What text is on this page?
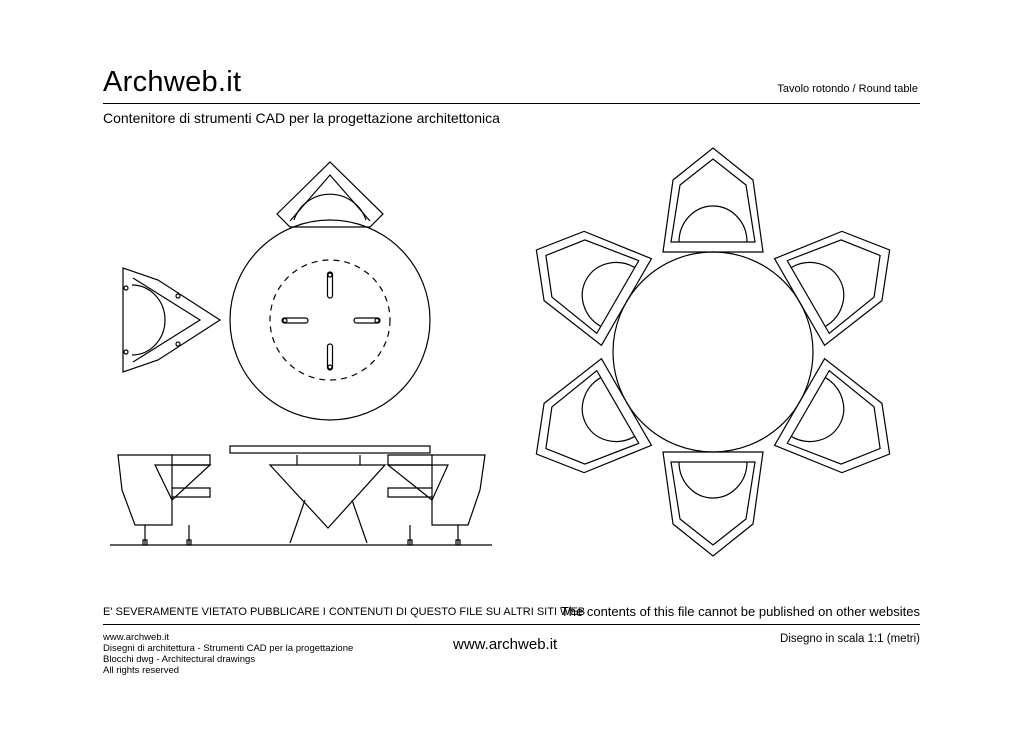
Archweb.it	Tavolo rotondo / Round table
Contenitore di strumenti CAD per la progettazione architettonica
E' SEVERAMENTE VIETATO PUBBLICARE I CONTENUTI DI QUESTO FILE SU ALTRI SITI WEB
The contents of this file cannot be published on other websites
www.archweb.it
Disegni di architettura - Strumenti CAD per la progettazione
Blocchi dwg - Architectural drawings
All rights reserved
www.archweb.it	Disegno in scala 1:1 (metri)
